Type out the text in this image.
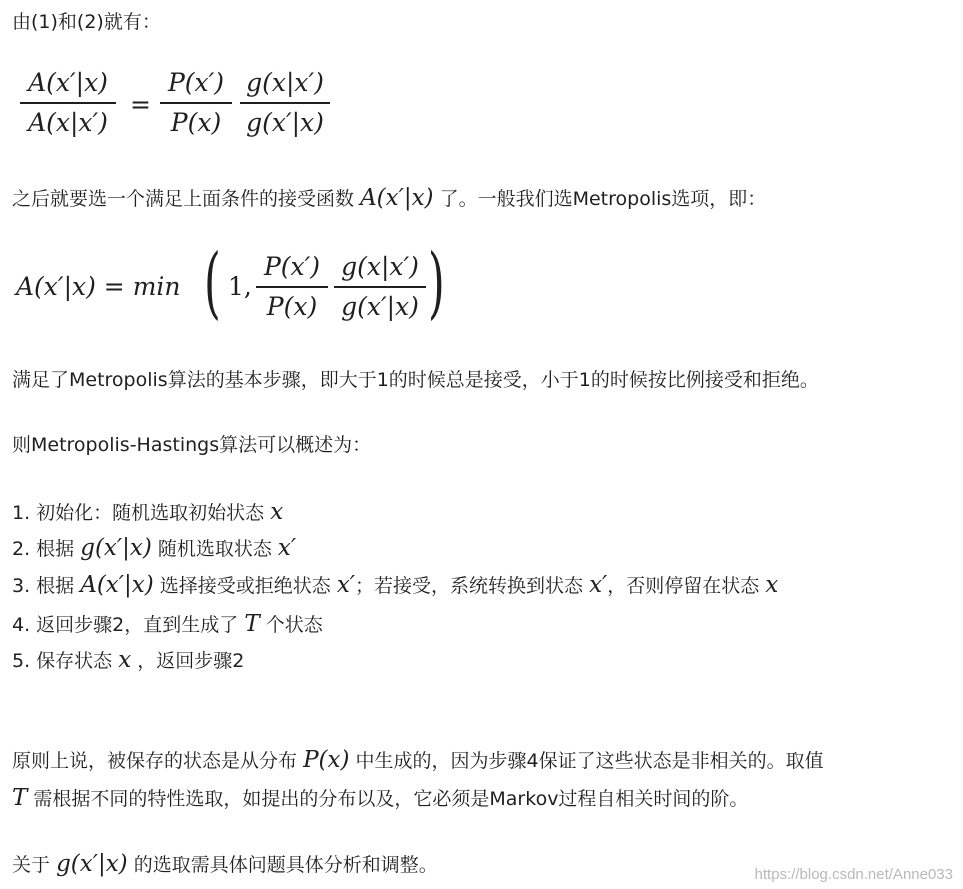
由(1)和(2)就有：
A(x′|x)
A(x|x′)
=
P(x′)
P(x)
g(x|x′)
g(x′|x)
之后就要选一个满足上面条件的接受函数 A(x′|x) 了。一般我们选Metropolis选项，即：
A(x′|x) = min ( 1,
P(x′)
P(x)
g(x|x′)
g(x′|x) )
满足了Metropolis算法的基本步骤，即大于1的时候总是接受，小于1的时候按比例接受和拒绝。
则Metropolis-Hastings算法可以概述为：
1. 初始化：随机选取初始状态 x
2. 根据 g(x′|x) 随机选取状态 x′
3. 根据 A(x′|x) 选择接受或拒绝状态 x′；若接受，系统转换到状态 x′，否则停留在状态 x
4. 返回步骤2，直到生成了 T 个状态
5. 保存状态 x ，返回步骤2
原则上说，被保存的状态是从分布 P(x) 中生成的，因为步骤4保证了这些状态是非相关的。取值
T 需根据不同的特性选取，如提出的分布以及，它必须是Markov过程自相关时间的阶。
关于 g(x′|x) 的选取需具体问题具体分析和调整。	https://blog.csdn.net/Anne033
